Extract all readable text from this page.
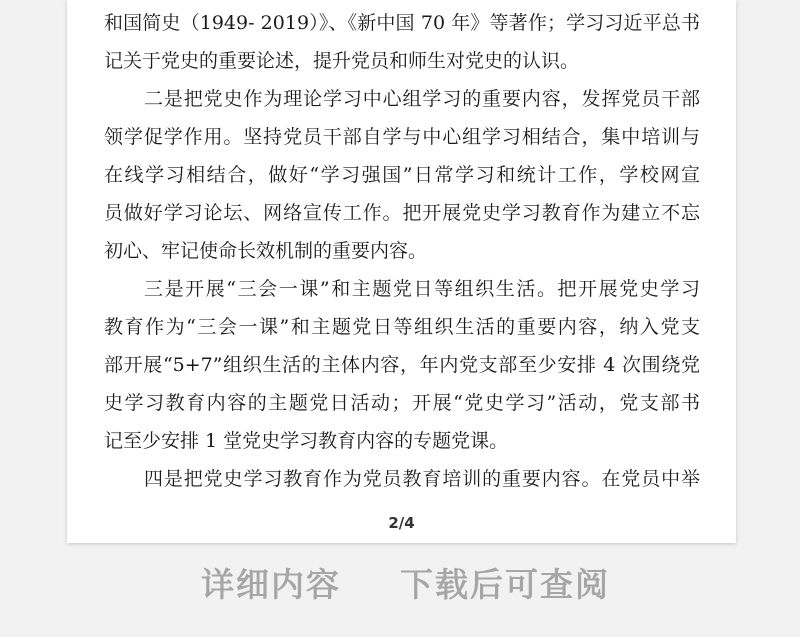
和国简史（1949- 2019）》、《新中国 70 年》等著作；学习习近平总书
记关于党史的重要论述，提升党员和师生对党史的认识。
二是把党史作为理论学习中心组学习的重要内容，发挥党员干部
领学促学作用。坚持党员干部自学与中心组学习相结合，集中培训与
在线学习相结合，做好“学习强国”日常学习和统计工作，学校网宣
员做好学习论坛、网络宣传工作。把开展党史学习教育作为建立不忘
初心、牢记使命长效机制的重要内容。
三是开展“三会一课”和主题党日等组织生活。把开展党史学习
教育作为“三会一课”和主题党日等组织生活的重要内容，纳入党支
部开展“5+7”组织生活的主体内容，年内党支部至少安排 4 次围绕党
史学习教育内容的主题党日活动；开展“党史学习”活动，党支部书
记至少安排 1 堂党史学习教育内容的专题党课。
四是把党史学习教育作为党员教育培训的重要内容。在党员中举
2/4
详细内容 下载后可查阅
